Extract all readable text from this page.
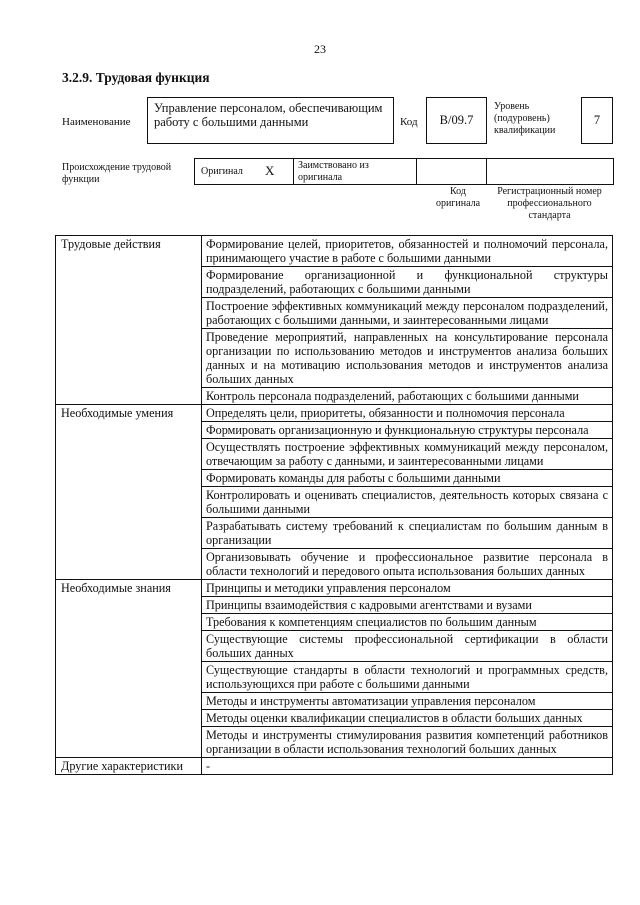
23
3.2.9. Трудовая функция
Наименование
Управление персоналом, обеспечивающим работу с большими данными	Код B/09.7
Уровень
(подуровень)
квалификации
7
Происхождение трудовой
функции
Оригинал X Заимствовано из
оригинала
Код
оригинала
Регистрационный номер
профессионального
стандарта
Трудовые действия	Формирование целей, приоритетов, обязанностей и полномочий персонала, принимающего участие в работе с большими данными
	Формирование организационной и функциональной структуры подразделений, работающих с большими данными
	Построение эффективных коммуникаций между персоналом подразделений, работающих с большими данными, и заинтересованными лицами
	Проведение мероприятий, направленных на консультирование персонала организации по использованию методов и инструментов анализа больших данных и на мотивацию использования методов и инструментов анализа больших данных
	Контроль персонала подразделений, работающих с большими данными
Необходимые умения	Определять цели, приоритеты, обязанности и полномочия персонала
	Формировать организационную и функциональную структуры персонала
	Осуществлять построение эффективных коммуникаций между персоналом, отвечающим за работу с данными, и заинтересованными лицами
	Формировать команды для работы с большими данными
	Контролировать и оценивать специалистов, деятельность которых связана с большими данными
	Разрабатывать систему требований к специалистам по большим данным в организации
	Организовывать обучение и профессиональное развитие персонала в области технологий и передового опыта использования больших данных
Необходимые знания	Принципы и методики управления персоналом
	Принципы взаимодействия с кадровыми агентствами и вузами
	Требования к компетенциям специалистов по большим данным
	Существующие системы профессиональной сертификации в области больших данных
	Существующие стандарты в области технологий и программных средств, использующихся при работе с большими данными
	Методы и инструменты автоматизации управления персоналом
	Методы оценки квалификации специалистов в области больших данных
	Методы и инструменты стимулирования развития компетенций работников организации в области использования технологий больших данных
Другие характеристики	-
